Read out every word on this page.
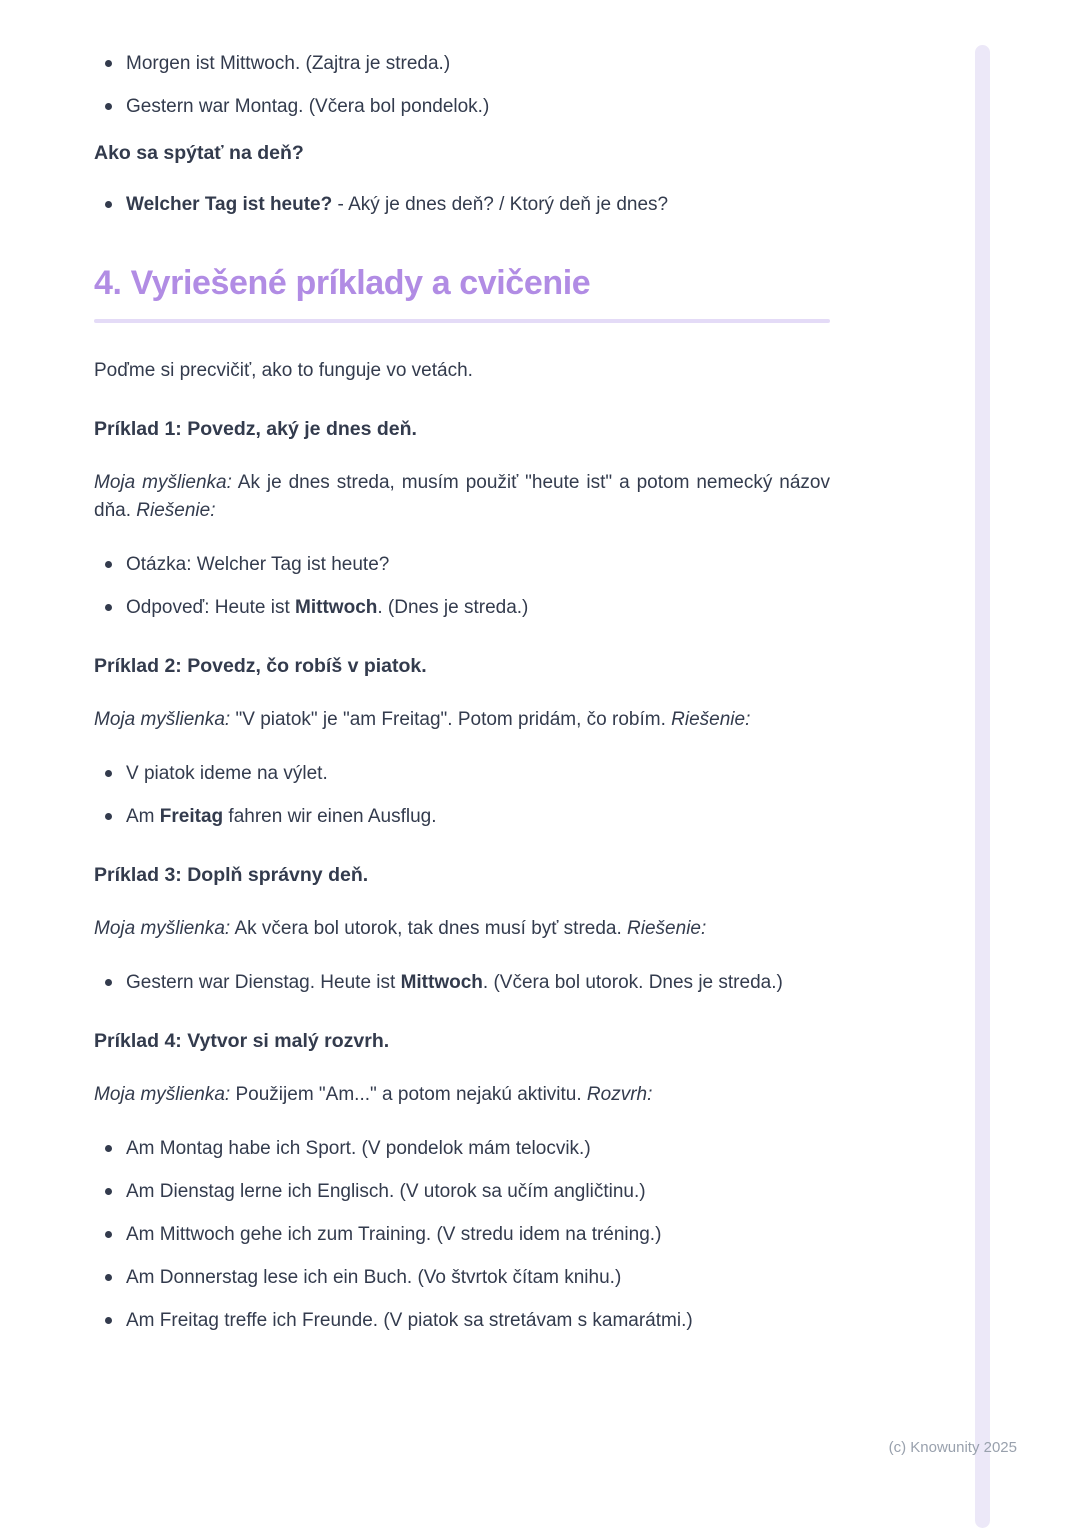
Morgen ist Mittwoch. (Zajtra je streda.)
Gestern war Montag. (Včera bol pondelok.)
Ako sa spýtať na deň?
Welcher Tag ist heute? - Aký je dnes deň? / Ktorý deň je dnes?
4. Vyriešené príklady a cvičenie

Poďme si precvičiť, ako to funguje vo vetách.

Príklad 1: Povedz, aký je dnes deň.

Moja myšlienka: Ak je dnes streda, musím použiť "heute ist" a potom nemecký názov dňa. Riešenie:

Otázka: Welcher Tag ist heute?
Odpoveď: Heute ist Mittwoch. (Dnes je streda.)
Príklad 2: Povedz, čo robíš v piatok.

Moja myšlienka: "V piatok" je "am Freitag". Potom pridám, čo robím. Riešenie:

V piatok ideme na výlet.
Am Freitag fahren wir einen Ausflug.
Príklad 3: Doplň správny deň.

Moja myšlienka: Ak včera bol utorok, tak dnes musí byť streda. Riešenie:

Gestern war Dienstag. Heute ist Mittwoch. (Včera bol utorok. Dnes je streda.)
Príklad 4: Vytvor si malý rozvrh.

Moja myšlienka: Použijem "Am..." a potom nejakú aktivitu. Rozvrh:

Am Montag habe ich Sport. (V pondelok mám telocvik.)
Am Dienstag lerne ich Englisch. (V utorok sa učím angličtinu.)
Am Mittwoch gehe ich zum Training. (V stredu idem na tréning.)
Am Donnerstag lese ich ein Buch. (Vo štvrtok čítam knihu.)
Am Freitag treffe ich Freunde. (V piatok sa stretávam s kamarátmi.)
(c) Knowunity 2025
